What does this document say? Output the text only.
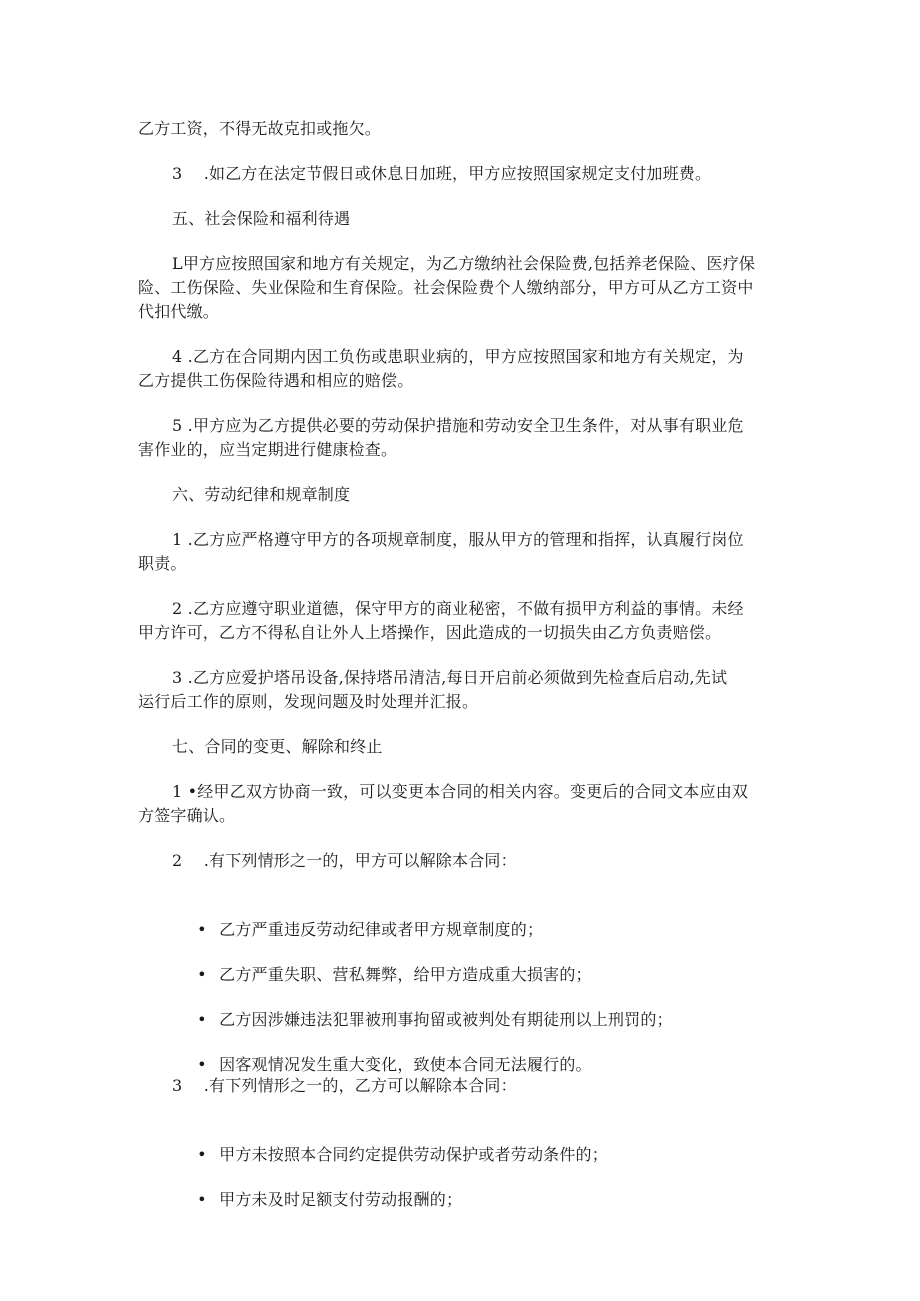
乙方工资，不得无故克扣或拖欠。
3	.如乙方在法定节假日或休息日加班，甲方应按照国家规定支付加班费。
五、社会保险和福利待遇
L甲方应按照国家和地方有关规定，为乙方缴纳社会保险费,包括养老保险、医疗保
险、工伤保险、失业保险和生育保险。社会保险费个人缴纳部分，甲方可从乙方工资中
代扣代缴。
4 .乙方在合同期内因工负伤或患职业病的，甲方应按照国家和地方有关规定，为
乙方提供工伤保险待遇和相应的赔偿。
5 .甲方应为乙方提供必要的劳动保护措施和劳动安全卫生条件，对从事有职业危
害作业的，应当定期进行健康检查。
六、劳动纪律和规章制度
1 .乙方应严格遵守甲方的各项规章制度，服从甲方的管理和指挥，认真履行岗位
职责。
2 .乙方应遵守职业道德，保守甲方的商业秘密，不做有损甲方利益的事情。未经
甲方许可，乙方不得私自让外人上塔操作，因此造成的一切损失由乙方负责赔偿。
3 .乙方应爱护塔吊设备,保持塔吊清洁,每日开启前必须做到先检查后启动,先试
运行后工作的原则，发现问题及时处理并汇报。
七、合同的变更、解除和终止
1 •经甲乙双方协商一致，可以变更本合同的相关内容。变更后的合同文本应由双
方签字确认。
2	.有下列情形之一的，甲方可以解除本合同：

• 乙方严重违反劳动纪律或者甲方规章制度的；

• 乙方严重失职、营私舞弊，给甲方造成重大损害的；

• 乙方因涉嫌违法犯罪被刑事拘留或被判处有期徒刑以上刑罚的；

• 因客观情况发生重大变化，致使本合同无法履行的。

3	.有下列情形之一的，乙方可以解除本合同：

• 甲方未按照本合同约定提供劳动保护或者劳动条件的；

• 甲方未及时足额支付劳动报酬的；
